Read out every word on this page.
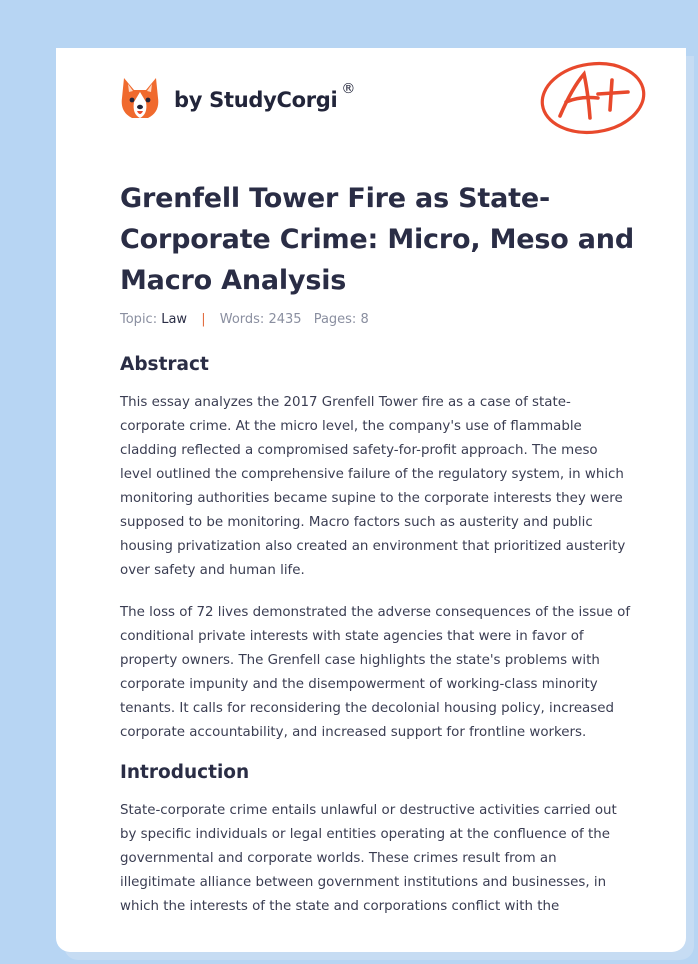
by StudyCorgi ®
Grenfell Tower Fire as State-Corporate Crime: Micro, Meso and Macro Analysis
Topic: Law | Words: 2435 Pages: 8
Abstract

This essay analyzes the 2017 Grenfell Tower fire as a case of state-corporate crime. At the micro level, the company's use of flammable cladding reflected a compromised safety-for-profit approach. The meso level outlined the comprehensive failure of the regulatory system, in which monitoring authorities became supine to the corporate interests they were supposed to be monitoring. Macro factors such as austerity and public housing privatization also created an environment that prioritized austerity over safety and human life.

The loss of 72 lives demonstrated the adverse consequences of the issue of conditional private interests with state agencies that were in favor of property owners. The Grenfell case highlights the state's problems with corporate impunity and the disempowerment of working-class minority tenants. It calls for reconsidering the decolonial housing policy, increased corporate accountability, and increased support for frontline workers.

Introduction

State-corporate crime entails unlawful or destructive activities carried out by specific individuals or legal entities operating at the confluence of the governmental and corporate worlds. These crimes result from an illegitimate alliance between government institutions and businesses, in which the interests of the state and corporations conflict with the
